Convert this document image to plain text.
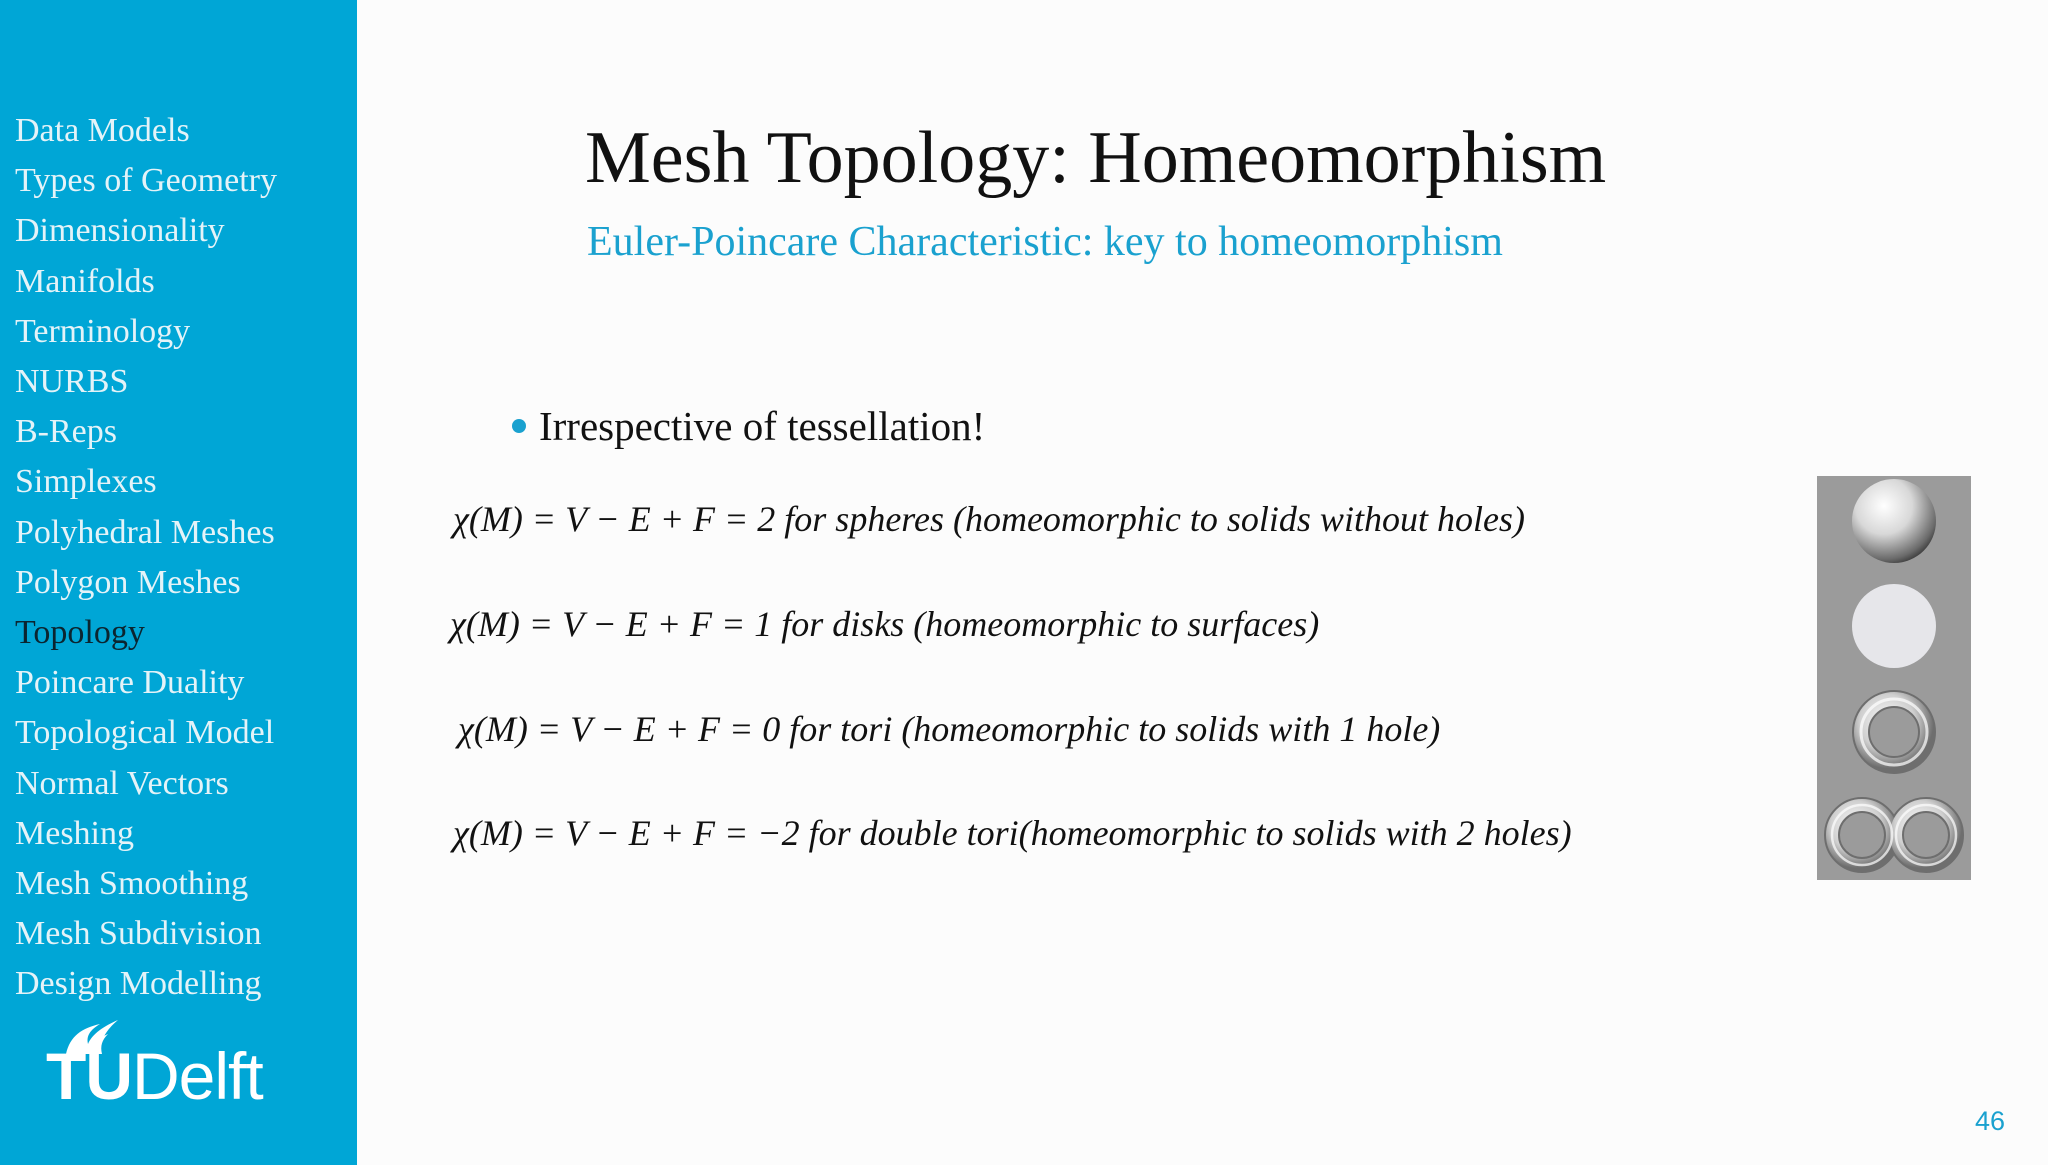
Data Models
Types of Geometry
Dimensionality
Manifolds
Terminology
NURBS
B-Reps
Simplexes
Polyhedral Meshes
Polygon Meshes
Topology
Poincare Duality
Topological Model
Normal Vectors
Meshing
Mesh Smoothing
Mesh Subdivision
Design Modelling
TUDelft
Mesh Topology: Homeomorphism
Euler-Poincare Characteristic: key to homeomorphism
Irrespective of tessellation!
χ(M) = V − E + F = 2 for spheres (homeomorphic to solids without holes)
χ(M) = V − E + F = 1 for disks (homeomorphic to surfaces)
χ(M) = V − E + F = 0 for tori (homeomorphic to solids with 1 hole)
χ(M) = V − E + F = −2 for double tori(homeomorphic to solids with 2 holes)
46
